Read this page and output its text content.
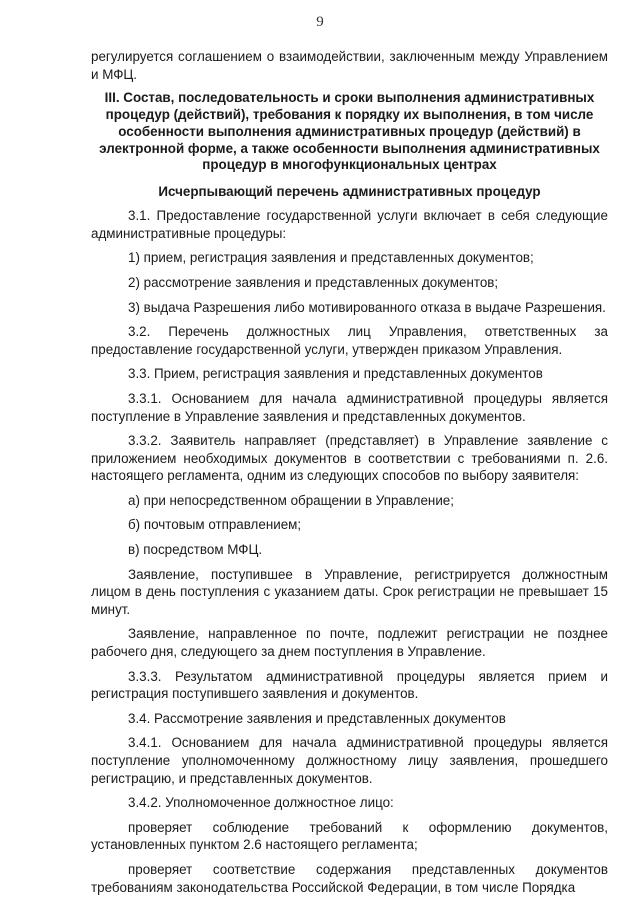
9

регулируется соглашением о взаимодействии, заключенным между Управлением и МФЦ.

III. Состав, последовательность и сроки выполнения административных процедур (действий), требования к порядку их выполнения, в том числе особенности выполнения административных процедур (действий) в электронной форме, а также особенности выполнения административных процедур в многофункциональных центрах

Исчерпывающий перечень административных процедур

3.1. Предоставление государственной услуги включает в себя следующие административные процедуры:

1) прием, регистрация заявления и представленных документов;

2) рассмотрение заявления и представленных документов;

3) выдача Разрешения либо мотивированного отказа в выдаче Разрешения.

3.2. Перечень должностных лиц Управления, ответственных за предоставление государственной услуги, утвержден приказом Управления.

3.3. Прием, регистрация заявления и представленных документов

3.3.1. Основанием для начала административной процедуры является поступление в Управление заявления и представленных документов.

3.3.2. Заявитель направляет (представляет) в Управление заявление с приложением необходимых документов в соответствии с требованиями п. 2.6. настоящего регламента, одним из следующих способов по выбору заявителя:

а) при непосредственном обращении в Управление;

б) почтовым отправлением;

в) посредством МФЦ.

Заявление, поступившее в Управление, регистрируется должностным лицом в день поступления с указанием даты. Срок регистрации не превышает 15 минут.

Заявление, направленное по почте, подлежит регистрации не позднее рабочего дня, следующего за днем поступления в Управление.

3.3.3. Результатом административной процедуры является прием и регистрация поступившего заявления и документов.

3.4. Рассмотрение заявления и представленных документов

3.4.1. Основанием для начала административной процедуры является поступление уполномоченному должностному лицу заявления, прошедшего регистрацию, и представленных документов.

3.4.2. Уполномоченное должностное лицо:

проверяет соблюдение требований к оформлению документов, установленных пунктом 2.6 настоящего регламента;

проверяет соответствие содержания представленных документов требованиям законодательства Российской Федерации, в том числе Порядка
